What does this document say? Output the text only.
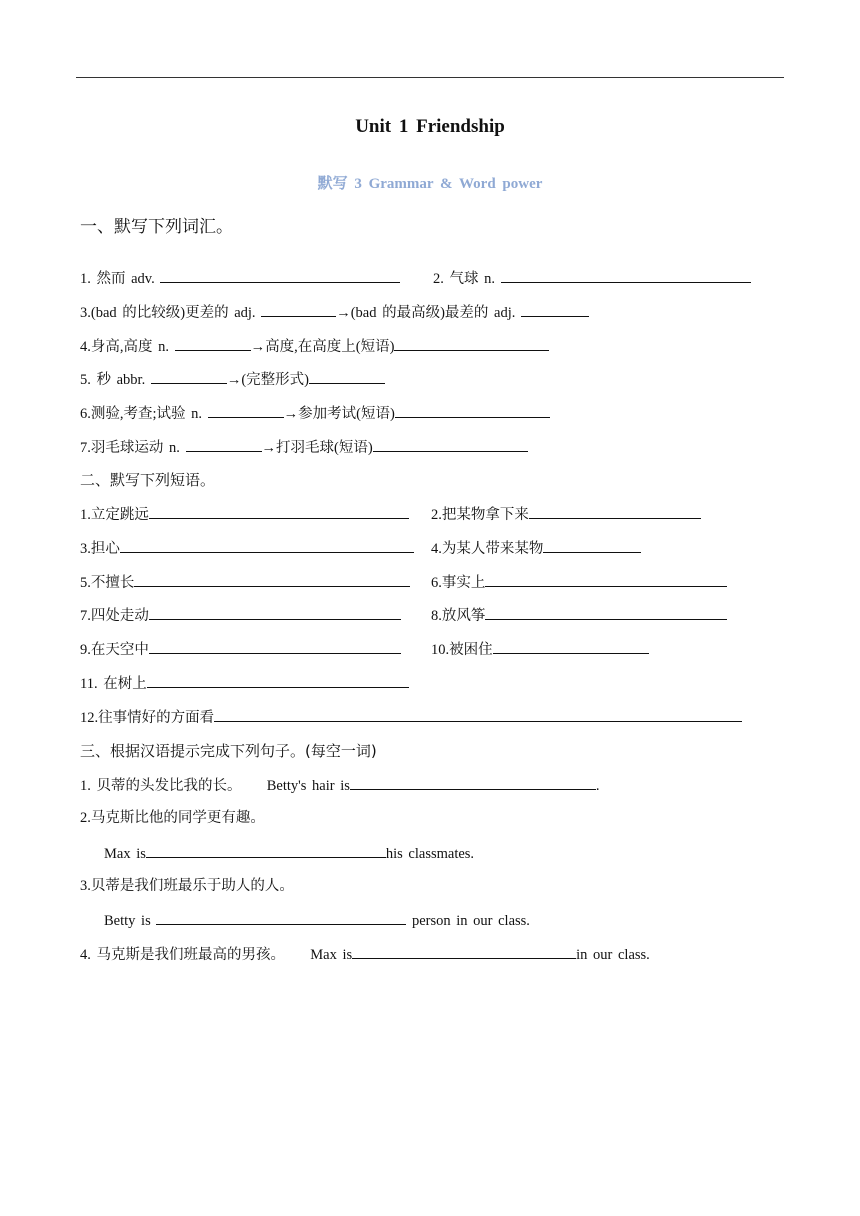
Unit 1 Friendship
默写 3 Grammar & Word power
一、默写下列词汇。
1. 然而 adv.	2. 气球 n.
3.(bad 的比较级)更差的 adj.	→(bad 的最高级)最差的 adj.
4.身高,高度 n.	→高度,在高度上(短语)
5. 秒 abbr.	→(完整形式)
6.测验,考查;试验 n.	→参加考试(短语)
7.羽毛球运动 n.	→打羽毛球(短语)
二、默写下列短语。
1.立定跳远	2.把某物拿下来
3.担心	4.为某人带来某物
5.不擅长	6.事实上
7.四处走动	8.放风筝
9.在天空中	10.被困住
11. 在树上
12.往事情好的方面看
三、根据汉语提示完成下列句子。(每空一词)
1. 贝蒂的头发比我的长。 Betty's hair is	.
2.马克斯比他的同学更有趣。
Max is	his classmates.
3.贝蒂是我们班最乐于助人的人。
Betty is	person in our class.
4. 马克斯是我们班最高的男孩。 Max is	in our class.
